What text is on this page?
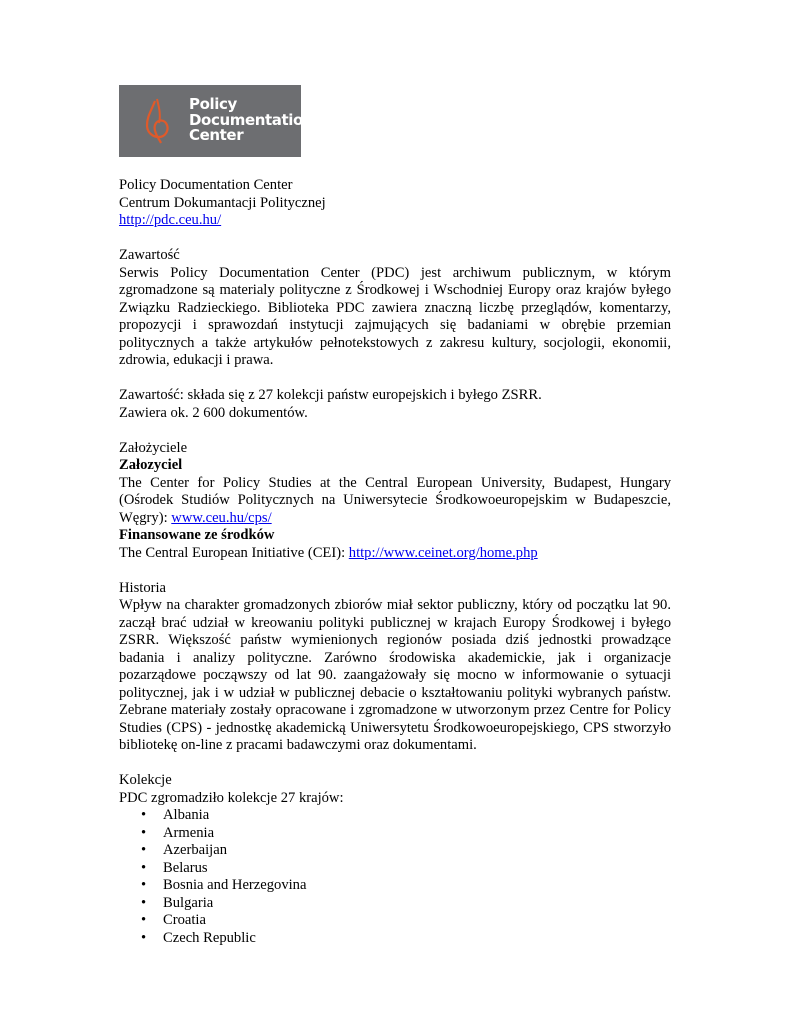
Policy
Documentation
Center

Policy Documentation Center

Centrum Dokumantacji Politycznej

http://pdc.ceu.hu/

Zawartość

Serwis Policy Documentation Center (PDC) jest archiwum publicznym, w którym zgromadzone są materialy polityczne z Środkowej i Wschodniej Europy oraz krajów byłego Związku Radzieckiego. Biblioteka PDC zawiera znaczną liczbę przeglądów, komentarzy, propozycji i sprawozdań instytucji zajmujących się badaniami w obrębie przemian politycznych a także artykułów pełnotekstowych z zakresu kultury, socjologii, ekonomii, zdrowia, edukacji i prawa.

Zawartość: składa się z 27 kolekcji państw europejskich i byłego ZSRR.

Zawiera ok. 2 600 dokumentów.

Założyciele

Załozyciel

The Center for Policy Studies at the Central European University, Budapest, Hungary (Ośrodek Studiów Politycznych na Uniwersytecie Środkowoeuropejskim w Budapeszcie, Węgry): www.ceu.hu/cps/

Finansowane ze środków

The Central European Initiative (CEI): http://www.ceinet.org/home.php

Historia

Wpływ na charakter gromadzonych zbiorów miał sektor publiczny, który od początku lat 90. zaczął brać udział w kreowaniu polityki publicznej w krajach Europy Środkowej i byłego ZSRR. Większość państw wymienionych regionów posiada dziś jednostki prowadzące badania i analizy polityczne. Zarówno środowiska akademickie, jak i organizacje pozarządowe począwszy od lat 90. zaangażowały się mocno w informowanie o sytuacji politycznej, jak i w udział w publicznej debacie o kształtowaniu polityki wybranych państw. Zebrane materiały zostały opracowane i zgromadzone w utworzonym przez Centre for Policy Studies (CPS) - jednostkę akademicką Uniwersytetu Środkowoeuropejskiego, CPS stworzyło bibliotekę on-line z pracami badawczymi oraz dokumentami.

Kolekcje

PDC zgromadziło kolekcje 27 krajów:

• Albania
• Armenia
• Azerbaijan
• Belarus
• Bosnia and Herzegovina
• Bulgaria
• Croatia
• Czech Republic
